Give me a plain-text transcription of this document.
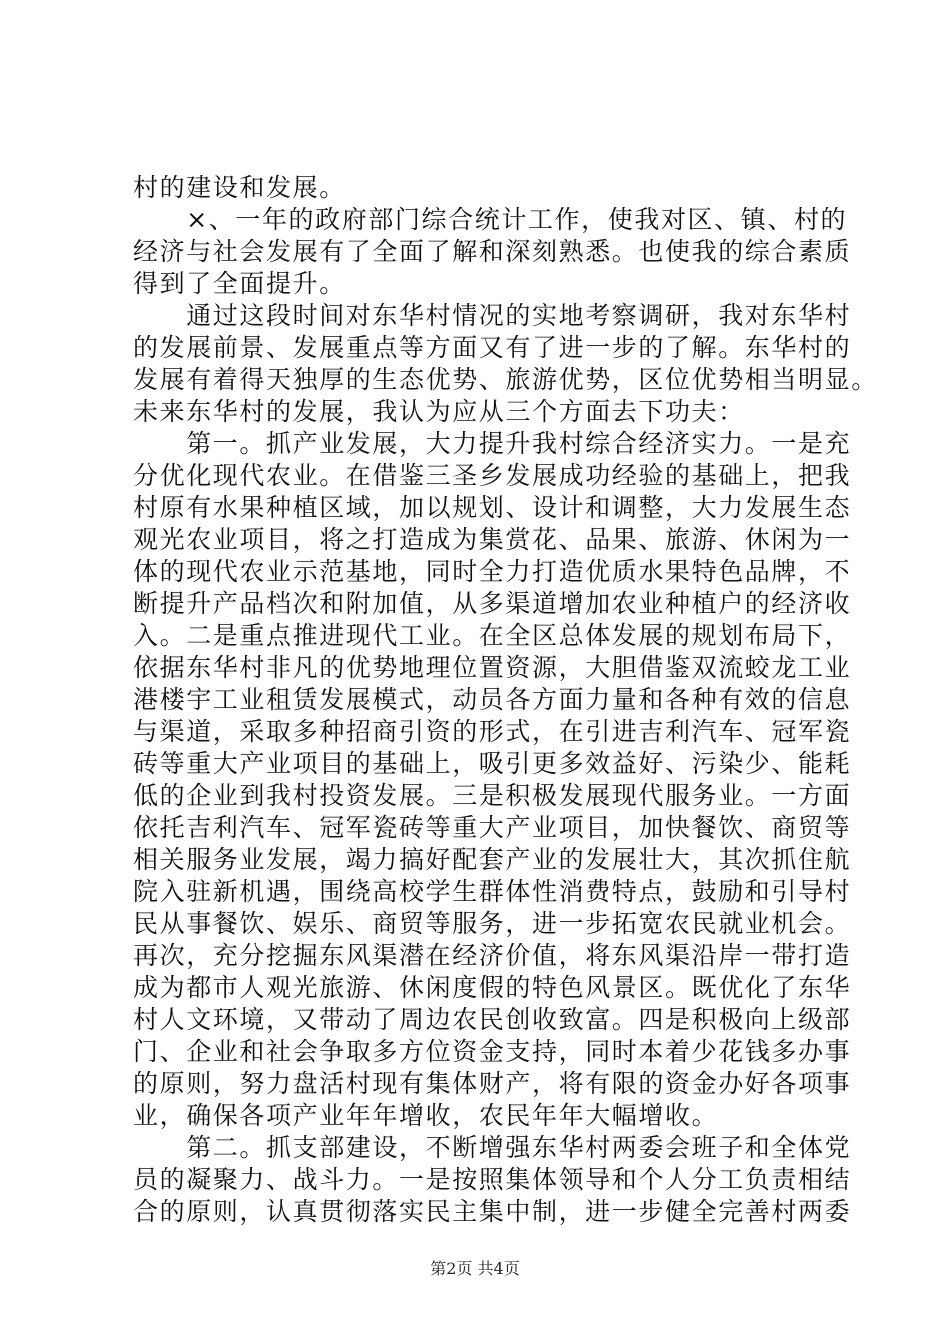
村的建设和发展。
　　×、一年的政府部门综合统计工作，使我对区、镇、村的
经济与社会发展有了全面了解和深刻熟悉。也使我的综合素质
得到了全面提升。
　　通过这段时间对东华村情况的实地考察调研，我对东华村
的发展前景、发展重点等方面又有了进一步的了解。东华村的
发展有着得天独厚的生态优势、旅游优势，区位优势相当明显。
未来东华村的发展，我认为应从三个方面去下功夫：
　　第一。抓产业发展，大力提升我村综合经济实力。一是充
分优化现代农业。在借鉴三圣乡发展成功经验的基础上，把我
村原有水果种植区域，加以规划、设计和调整，大力发展生态
观光农业项目，将之打造成为集赏花、品果、旅游、休闲为一
体的现代农业示范基地，同时全力打造优质水果特色品牌，不
断提升产品档次和附加值，从多渠道增加农业种植户的经济收
入。二是重点推进现代工业。在全区总体发展的规划布局下，
依据东华村非凡的优势地理位置资源，大胆借鉴双流蛟龙工业
港楼宇工业租赁发展模式，动员各方面力量和各种有效的信息
与渠道，采取多种招商引资的形式，在引进吉利汽车、冠军瓷
砖等重大产业项目的基础上，吸引更多效益好、污染少、能耗
低的企业到我村投资发展。三是积极发展现代服务业。一方面
依托吉利汽车、冠军瓷砖等重大产业项目，加快餐饮、商贸等
相关服务业发展，竭力搞好配套产业的发展壮大，其次抓住航
院入驻新机遇，围绕高校学生群体性消费特点，鼓励和引导村
民从事餐饮、娱乐、商贸等服务，进一步拓宽农民就业机会。
再次，充分挖掘东风渠潜在经济价值，将东风渠沿岸一带打造
成为都市人观光旅游、休闲度假的特色风景区。既优化了东华
村人文环境，又带动了周边农民创收致富。四是积极向上级部
门、企业和社会争取多方位资金支持，同时本着少花钱多办事
的原则，努力盘活村现有集体财产，将有限的资金办好各项事
业，确保各项产业年年增收，农民年年大幅增收。
　　第二。抓支部建设，不断增强东华村两委会班子和全体党
员的凝聚力、战斗力。一是按照集体领导和个人分工负责相结
合的原则，认真贯彻落实民主集中制，进一步健全完善村两委
第2页 共4页
